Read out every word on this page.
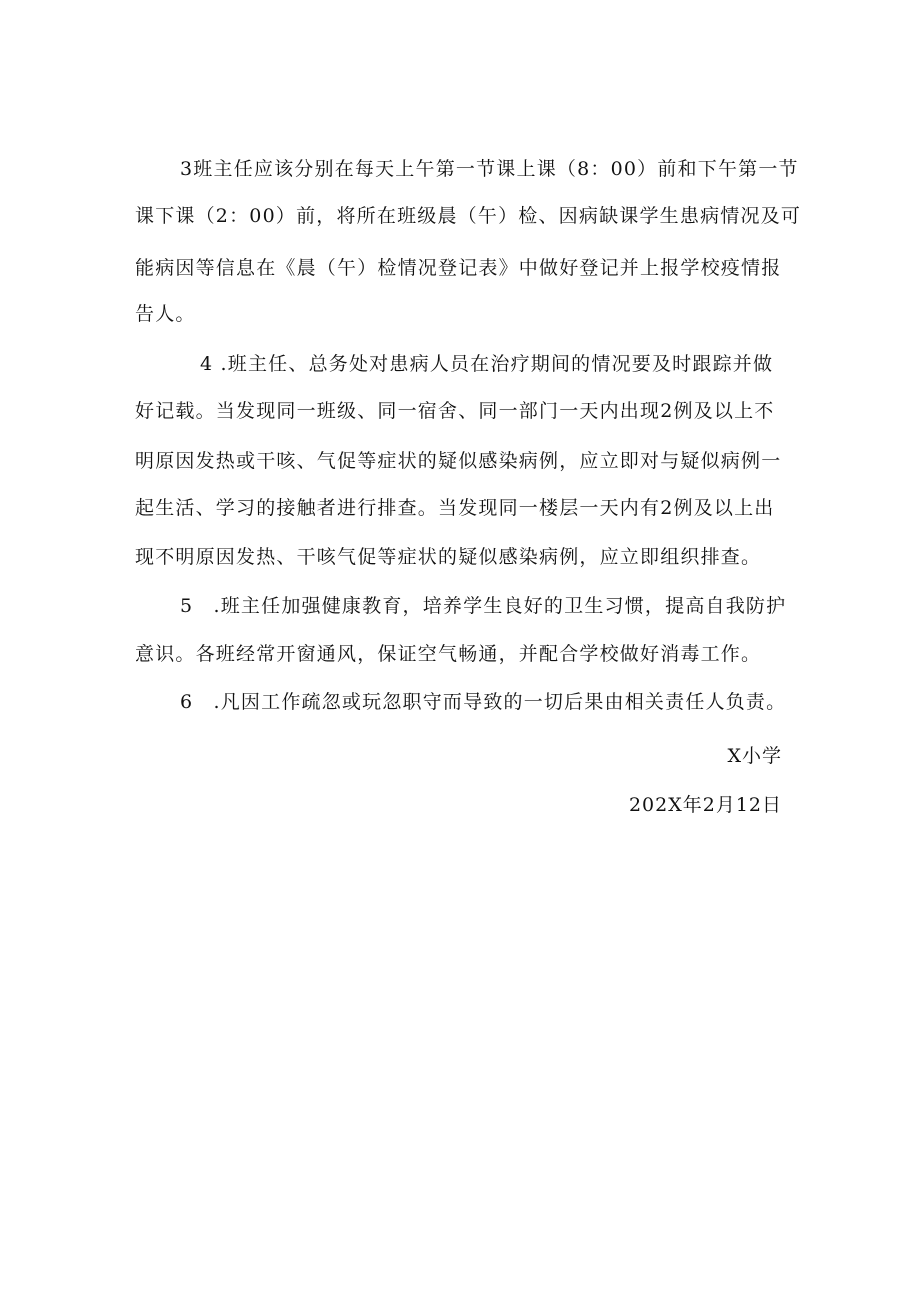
3班主任应该分别在每天上午第一节课上课（8：00）前和下午第一节
课下课（2：00）前，将所在班级晨（午）检、因病缺课学生患病情况及可
能病因等信息在《晨（午）检情况登记表》中做好登记并上报学校疫情报
告人。
4 .班主任、总务处对患病人员在治疗期间的情况要及时跟踪并做
好记载。当发现同一班级、同一宿舍、同一部门一天内出现2例及以上不
明原因发热或干咳、气促等症状的疑似感染病例，应立即对与疑似病例一
起生活、学习的接触者进行排查。当发现同一楼层一天内有2例及以上出
现不明原因发热、干咳气促等症状的疑似感染病例，应立即组织排查。
5　.班主任加强健康教育，培养学生良好的卫生习惯，提高自我防护
意识。各班经常开窗通风，保证空气畅通，并配合学校做好消毒工作。
6　.凡因工作疏忽或玩忽职守而导致的一切后果由相关责任人负责。
X小学
202X年2月12日
